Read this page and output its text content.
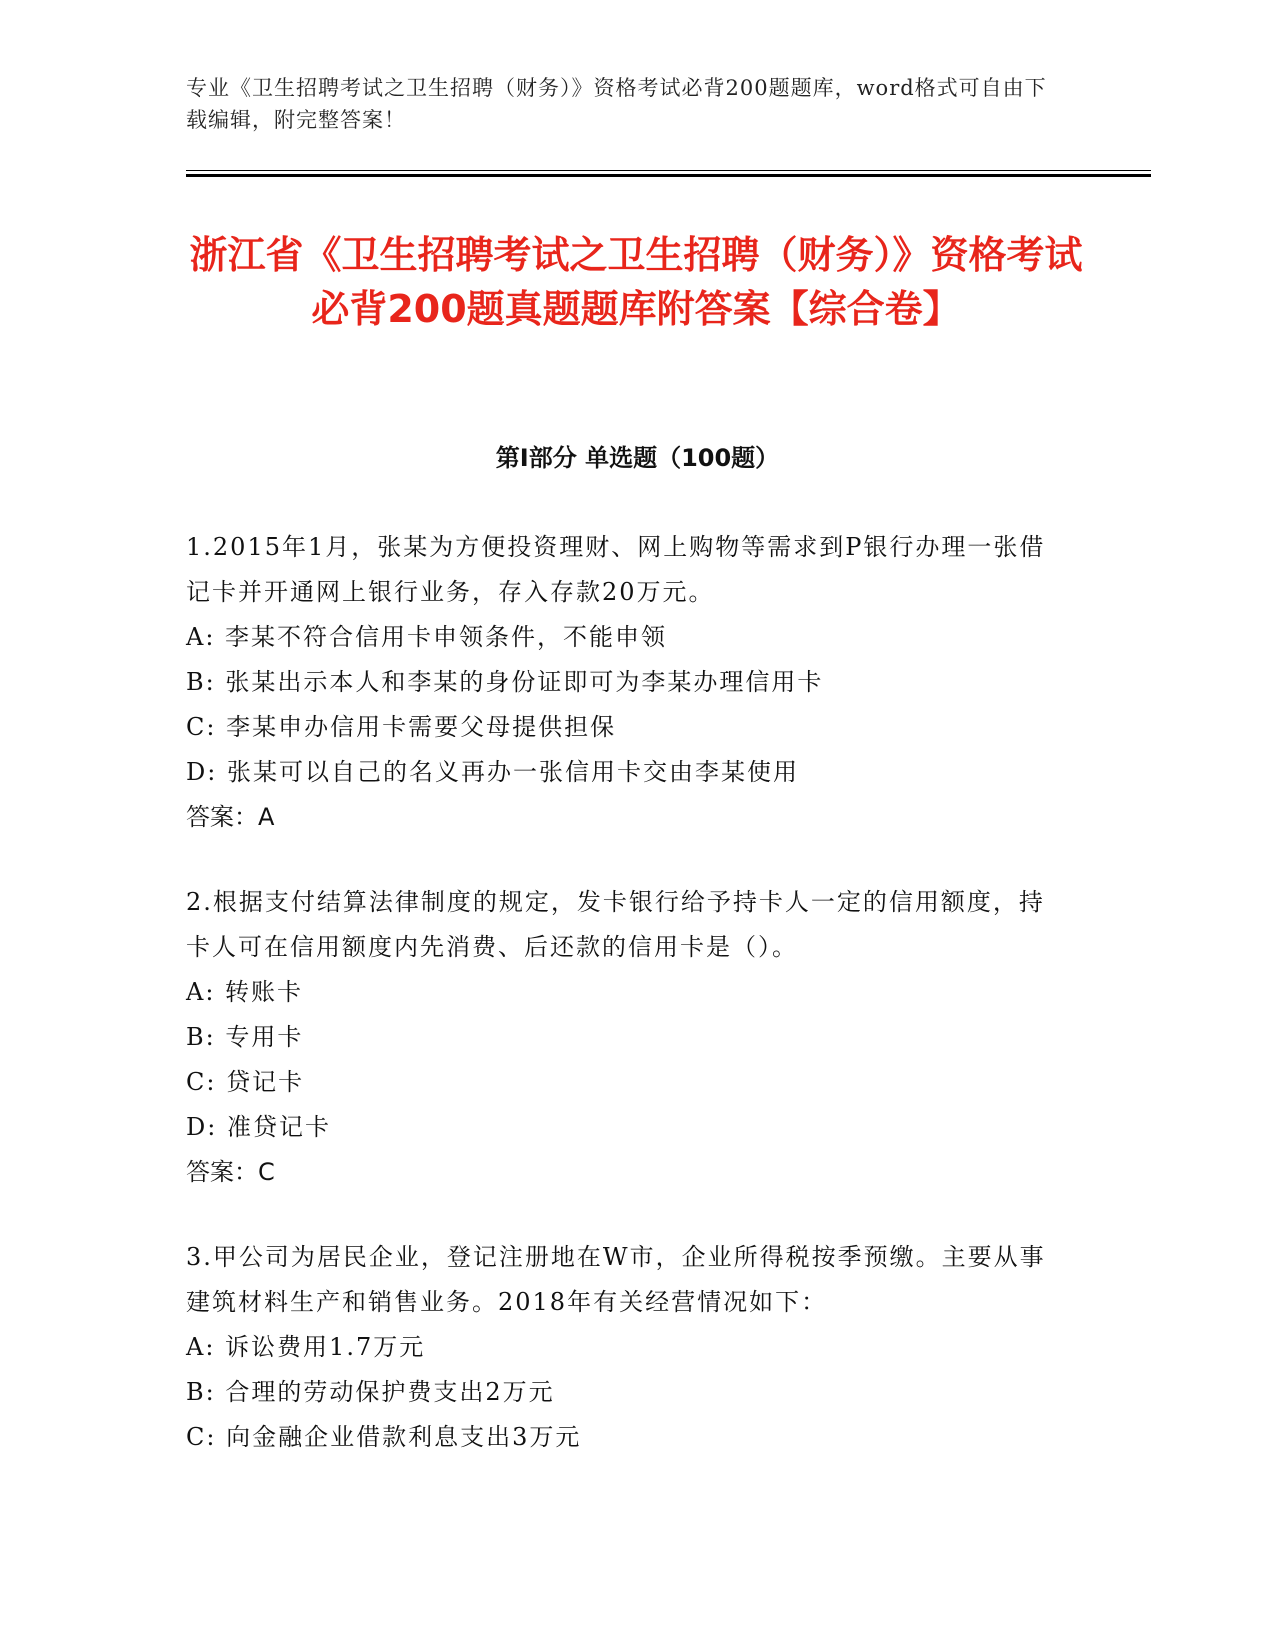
专业《卫生招聘考试之卫生招聘（财务）》资格考试必背200题题库，word格式可自由下载编辑，附完整答案！
浙江省《卫生招聘考试之卫生招聘（财务）》资格考试必背200题真题题库附答案【综合卷】
第I部分 单选题（100题）

1.2015年1月，张某为方便投资理财、网上购物等需求到P银行办理一张借记卡并开通网上银行业务，存入存款20万元。

A: 李某不符合信用卡申领条件，不能申领

B: 张某出示本人和李某的身份证即可为李某办理信用卡

C: 李某申办信用卡需要父母提供担保

D: 张某可以自己的名义再办一张信用卡交由李某使用

答案：A

2.根据支付结算法律制度的规定，发卡银行给予持卡人一定的信用额度，持卡人可在信用额度内先消费、后还款的信用卡是（）。

A: 转账卡

B: 专用卡

C: 贷记卡

D: 准贷记卡

答案：C

3.甲公司为居民企业，登记注册地在W市，企业所得税按季预缴。主要从事建筑材料生产和销售业务。2018年有关经营情况如下：

A: 诉讼费用1.7万元

B: 合理的劳动保护费支出2万元

C: 向金融企业借款利息支出3万元
